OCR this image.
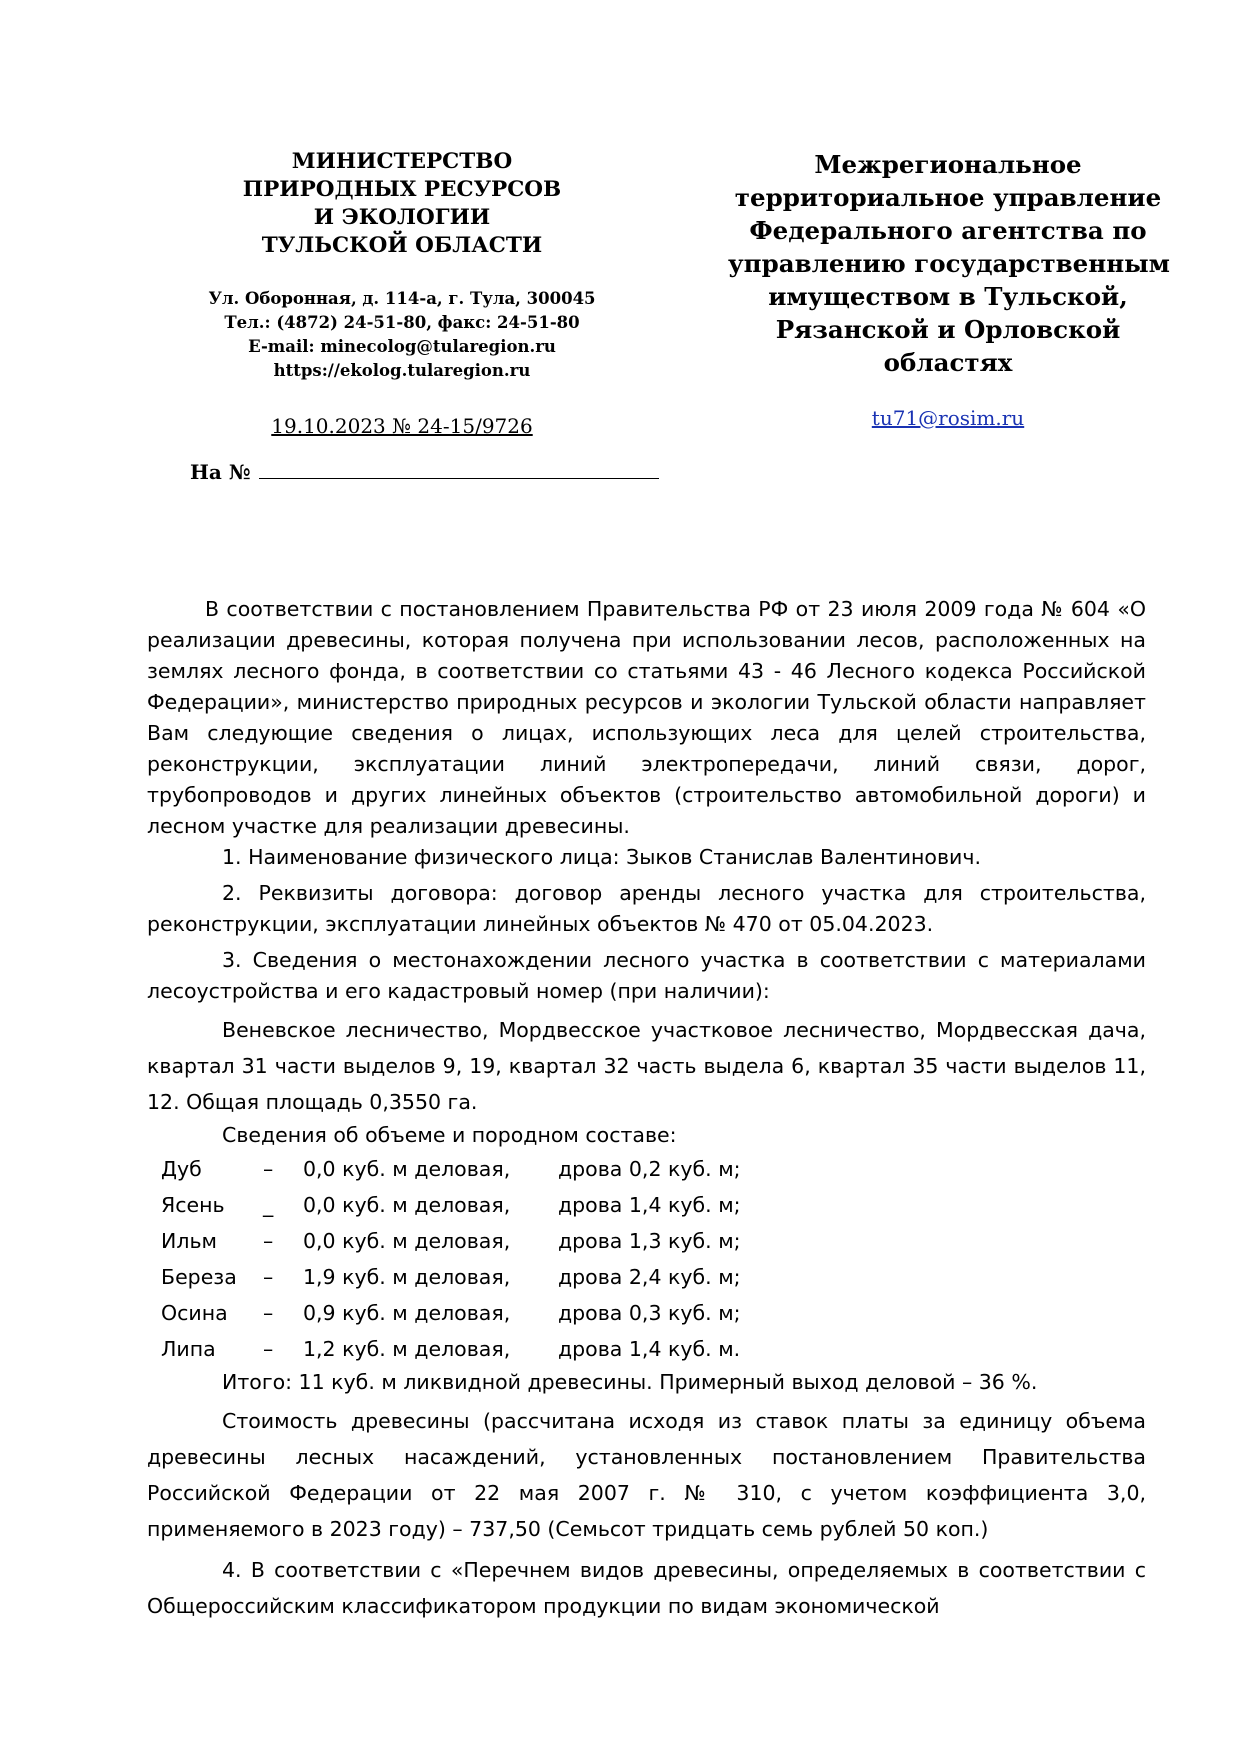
МИНИСТЕРСТВО
ПРИРОДНЫХ РЕСУРСОВ
И ЭКОЛОГИИ
ТУЛЬСКОЙ ОБЛАСТИ
Ул. Оборонная, д. 114-а, г. Тула, 300045
Тел.: (4872) 24-51-80, факс: 24-51-80
E-mail: minecolog@tularegion.ru
https://ekolog.tularegion.ru
19.10.2023 № 24-15/9726
На №
Межрегиональное
территориальное управление
Федерального агентства по
управлению государственным
имуществом в Тульской,
Рязанской и Орловской
областях
tu71@rosim.ru

В соответствии с постановлением Правительства РФ от 23 июля 2009 года № 604 «О реализации древесины, которая получена при использовании лесов, расположенных на землях лесного фонда, в соответствии со статьями 43 - 46 Лесного кодекса Российской Федерации», министерство природных ресурсов и экологии Тульской области направляет Вам следующие сведения о лицах, использующих леса для целей строительства, реконструкции, эксплуатации линий электропередачи, линий связи, дорог, трубопроводов и других линейных объектов (строительство автомобильной дороги) и лесном участке для реализации древесины.

1. Наименование физического лица: Зыков Станислав Валентинович.

2. Реквизиты договора: договор аренды лесного участка для строительства, реконструкции, эксплуатации линейных объектов № 470 от 05.04.2023.

3. Сведения о местонахождении лесного участка в соответствии с материалами лесоустройства и его кадастровый номер (при наличии):

Веневское лесничество, Мордвесское участковое лесничество, Мордвесская дача, квартал 31 части выделов 9, 19, квартал 32 часть выдела 6, квартал 35 части выделов 11, 12. Общая площадь 0,3550 га.

Сведения об объеме и породном составе:

Дуб	–	0,0 куб. м деловая,	дрова 0,2 куб. м;
Ясень	_	0,0 куб. м деловая,	дрова 1,4 куб. м;
Ильм	–	0,0 куб. м деловая,	дрова 1,3 куб. м;
Береза	–	1,9 куб. м деловая,	дрова 2,4 куб. м;
Осина	–	0,9 куб. м деловая,	дрова 0,3 куб. м;
Липа	–	1,2 куб. м деловая,	дрова 1,4 куб. м.

Итого: 11 куб. м ликвидной древесины. Примерный выход деловой – 36 %.

Стоимость древесины (рассчитана исходя из ставок платы за единицу объема древесины лесных насаждений, установленных постановлением Правительства Российской Федерации от 22 мая 2007 г. № 310, с учетом коэффициента 3,0, применяемого в 2023 году) – 737,50 (Семьсот тридцать семь рублей 50 коп.)

4. В соответствии с «Перечнем видов древесины, определяемых в соответствии с Общероссийским классификатором продукции по видам экономической
